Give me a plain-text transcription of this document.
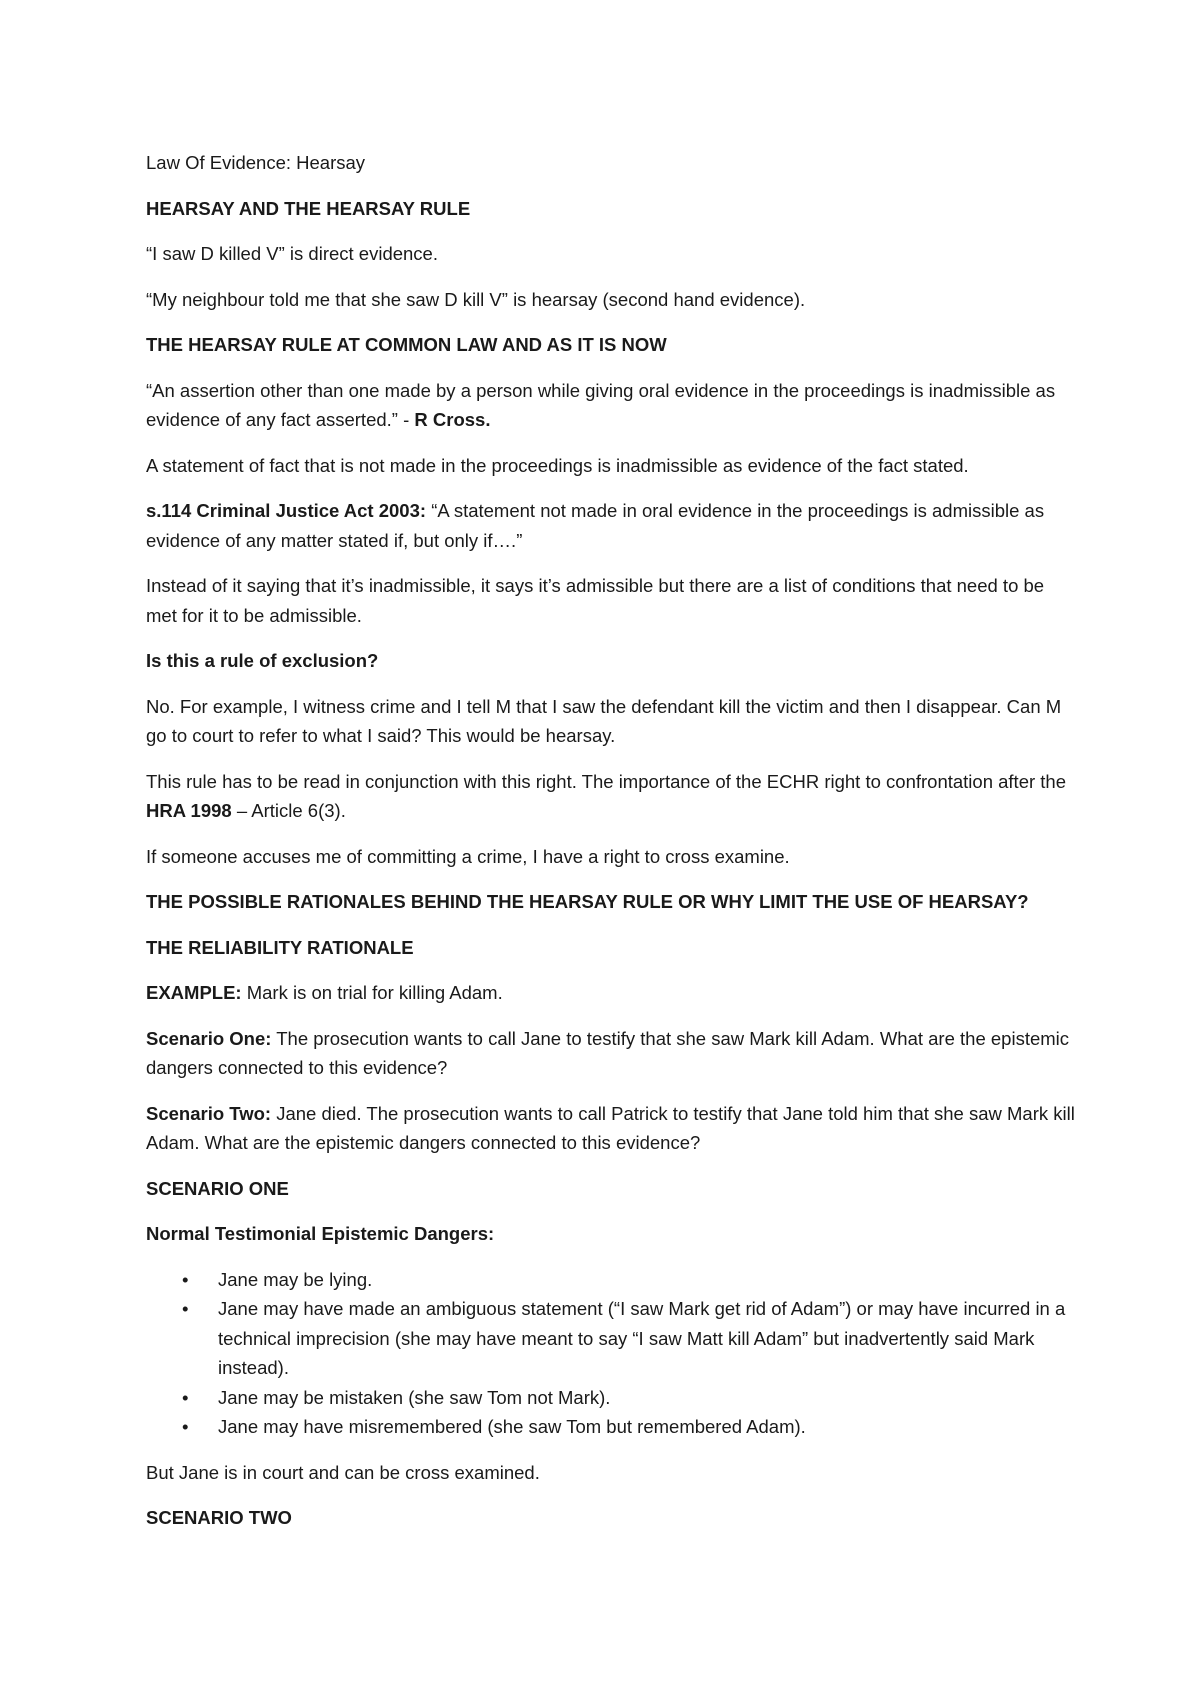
Law Of Evidence: Hearsay

HEARSAY AND THE HEARSAY RULE

“I saw D killed V” is direct evidence.

“My neighbour told me that she saw D kill V” is hearsay (second hand evidence).

THE HEARSAY RULE AT COMMON LAW AND AS IT IS NOW

“An assertion other than one made by a person while giving oral evidence in the proceedings is inadmissible as evidence of any fact asserted.” - R Cross.

A statement of fact that is not made in the proceedings is inadmissible as evidence of the fact stated.

s.114 Criminal Justice Act 2003: “A statement not made in oral evidence in the proceedings is admissible as evidence of any matter stated if, but only if….”

Instead of it saying that it’s inadmissible, it says it’s admissible but there are a list of conditions that need to be met for it to be admissible.

Is this a rule of exclusion?

No. For example, I witness crime and I tell M that I saw the defendant kill the victim and then I disappear. Can M go to court to refer to what I said? This would be hearsay.

This rule has to be read in conjunction with this right. The importance of the ECHR right to confrontation after the HRA 1998 – Article 6(3).

If someone accuses me of committing a crime, I have a right to cross examine.

THE POSSIBLE RATIONALES BEHIND THE HEARSAY RULE OR WHY LIMIT THE USE OF HEARSAY?

THE RELIABILITY RATIONALE

EXAMPLE: Mark is on trial for killing Adam.

Scenario One: The prosecution wants to call Jane to testify that she saw Mark kill Adam. What are the epistemic dangers connected to this evidence?

Scenario Two: Jane died. The prosecution wants to call Patrick to testify that Jane told him that she saw Mark kill Adam. What are the epistemic dangers connected to this evidence?

SCENARIO ONE

Normal Testimonial Epistemic Dangers:

• Jane may be lying.
• Jane may have made an ambiguous statement (“I saw Mark get rid of Adam”) or may have incurred in a technical imprecision (she may have meant to say “I saw Matt kill Adam” but inadvertently said Mark instead).
• Jane may be mistaken (she saw Tom not Mark).
• Jane may have misremembered (she saw Tom but remembered Adam).

But Jane is in court and can be cross examined.

SCENARIO TWO
